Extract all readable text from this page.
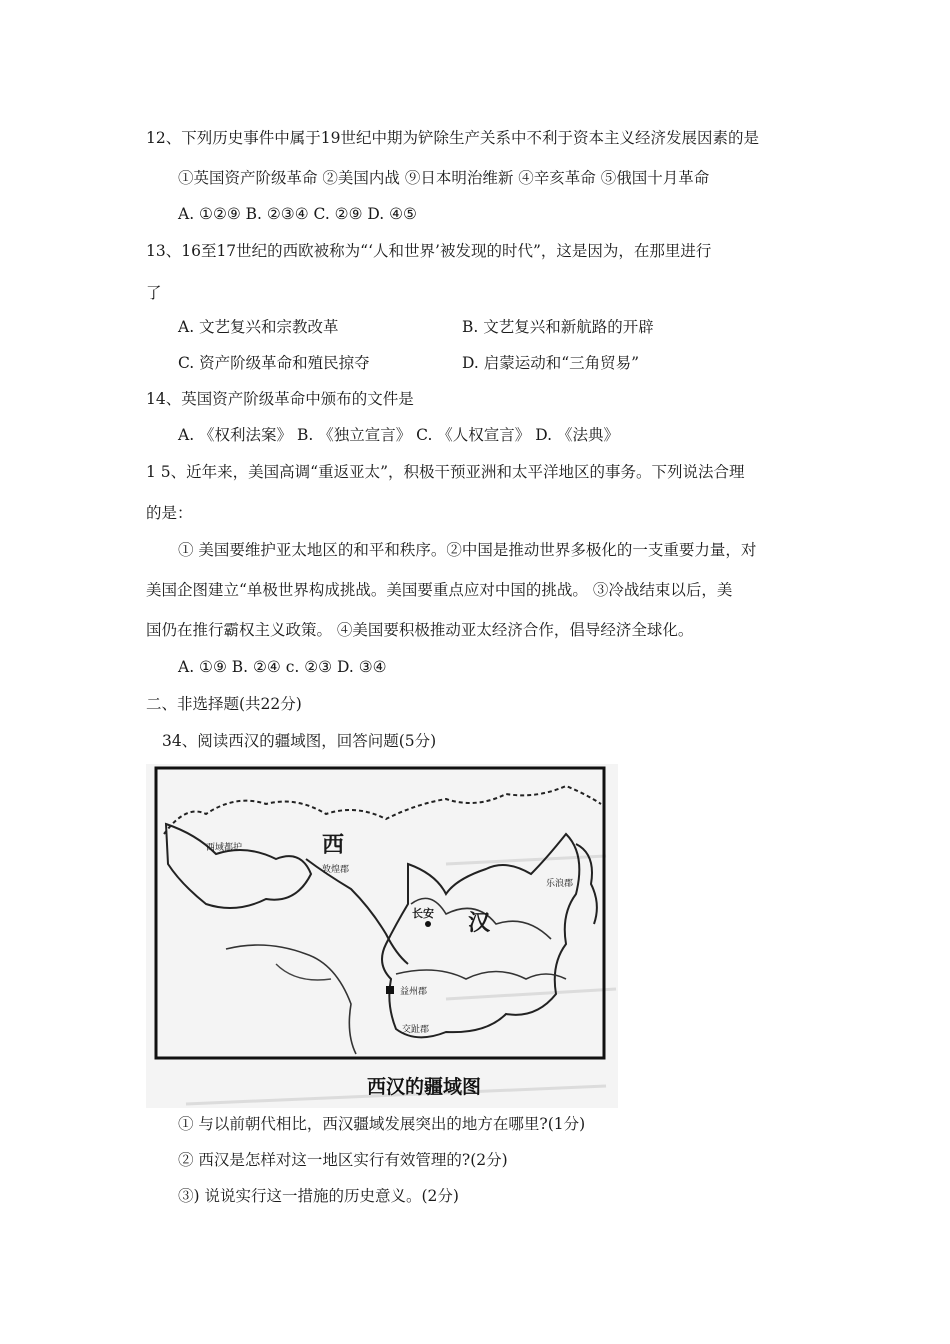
12、下列历史事件中属于19世纪中期为铲除生产关系中不利于资本主义经济发展因素的是
①英国资产阶级革命 ②美国内战 ⑨日本明治维新 ④辛亥革命 ⑤俄国十月革命
A. ①②⑨ B. ②③④ C. ②⑨ D. ④⑤
13、16至17世纪的西欧被称为“‘人和世界’被发现的时代”，这是因为，在那里进行
了
A. 文艺复兴和宗教改革	B. 文艺复兴和新航路的开辟
C. 资产阶级革命和殖民掠夺	D. 启蒙运动和“三角贸易”
14、英国资产阶级革命中颁布的文件是
A. 《权利法案》 B. 《独立宣言》 C. 《人权宣言》 D. 《法典》
1 5、近年来，美国高调“重返亚太”，积极干预亚洲和太平洋地区的事务。下列说法合理
的是：
① 美国要维护亚太地区的和平和秩序。②中国是推动世界多极化的一支重要力量，对
美国企图建立“单极世界构成挑战。美国要重点应对中国的挑战。 ③冷战结束以后，美
国仍在推行霸权主义政策。 ④美国要积极推动亚太经济合作，倡导经济全球化。
A. ①⑨ B. ②④ c. ②③ D. ③④
二、非选择题(共22分)
34、阅读西汉的疆域图，回答问题(5分)
西
汉
长安
西域都护
敦煌郡
乐浪郡
益州郡
交趾郡
西汉的疆域图
① 与以前朝代相比，西汉疆域发展突出的地方在哪里?(1分)
② 西汉是怎样对这一地区实行有效管理的?(2分)
③) 说说实行这一措施的历史意义。(2分)
